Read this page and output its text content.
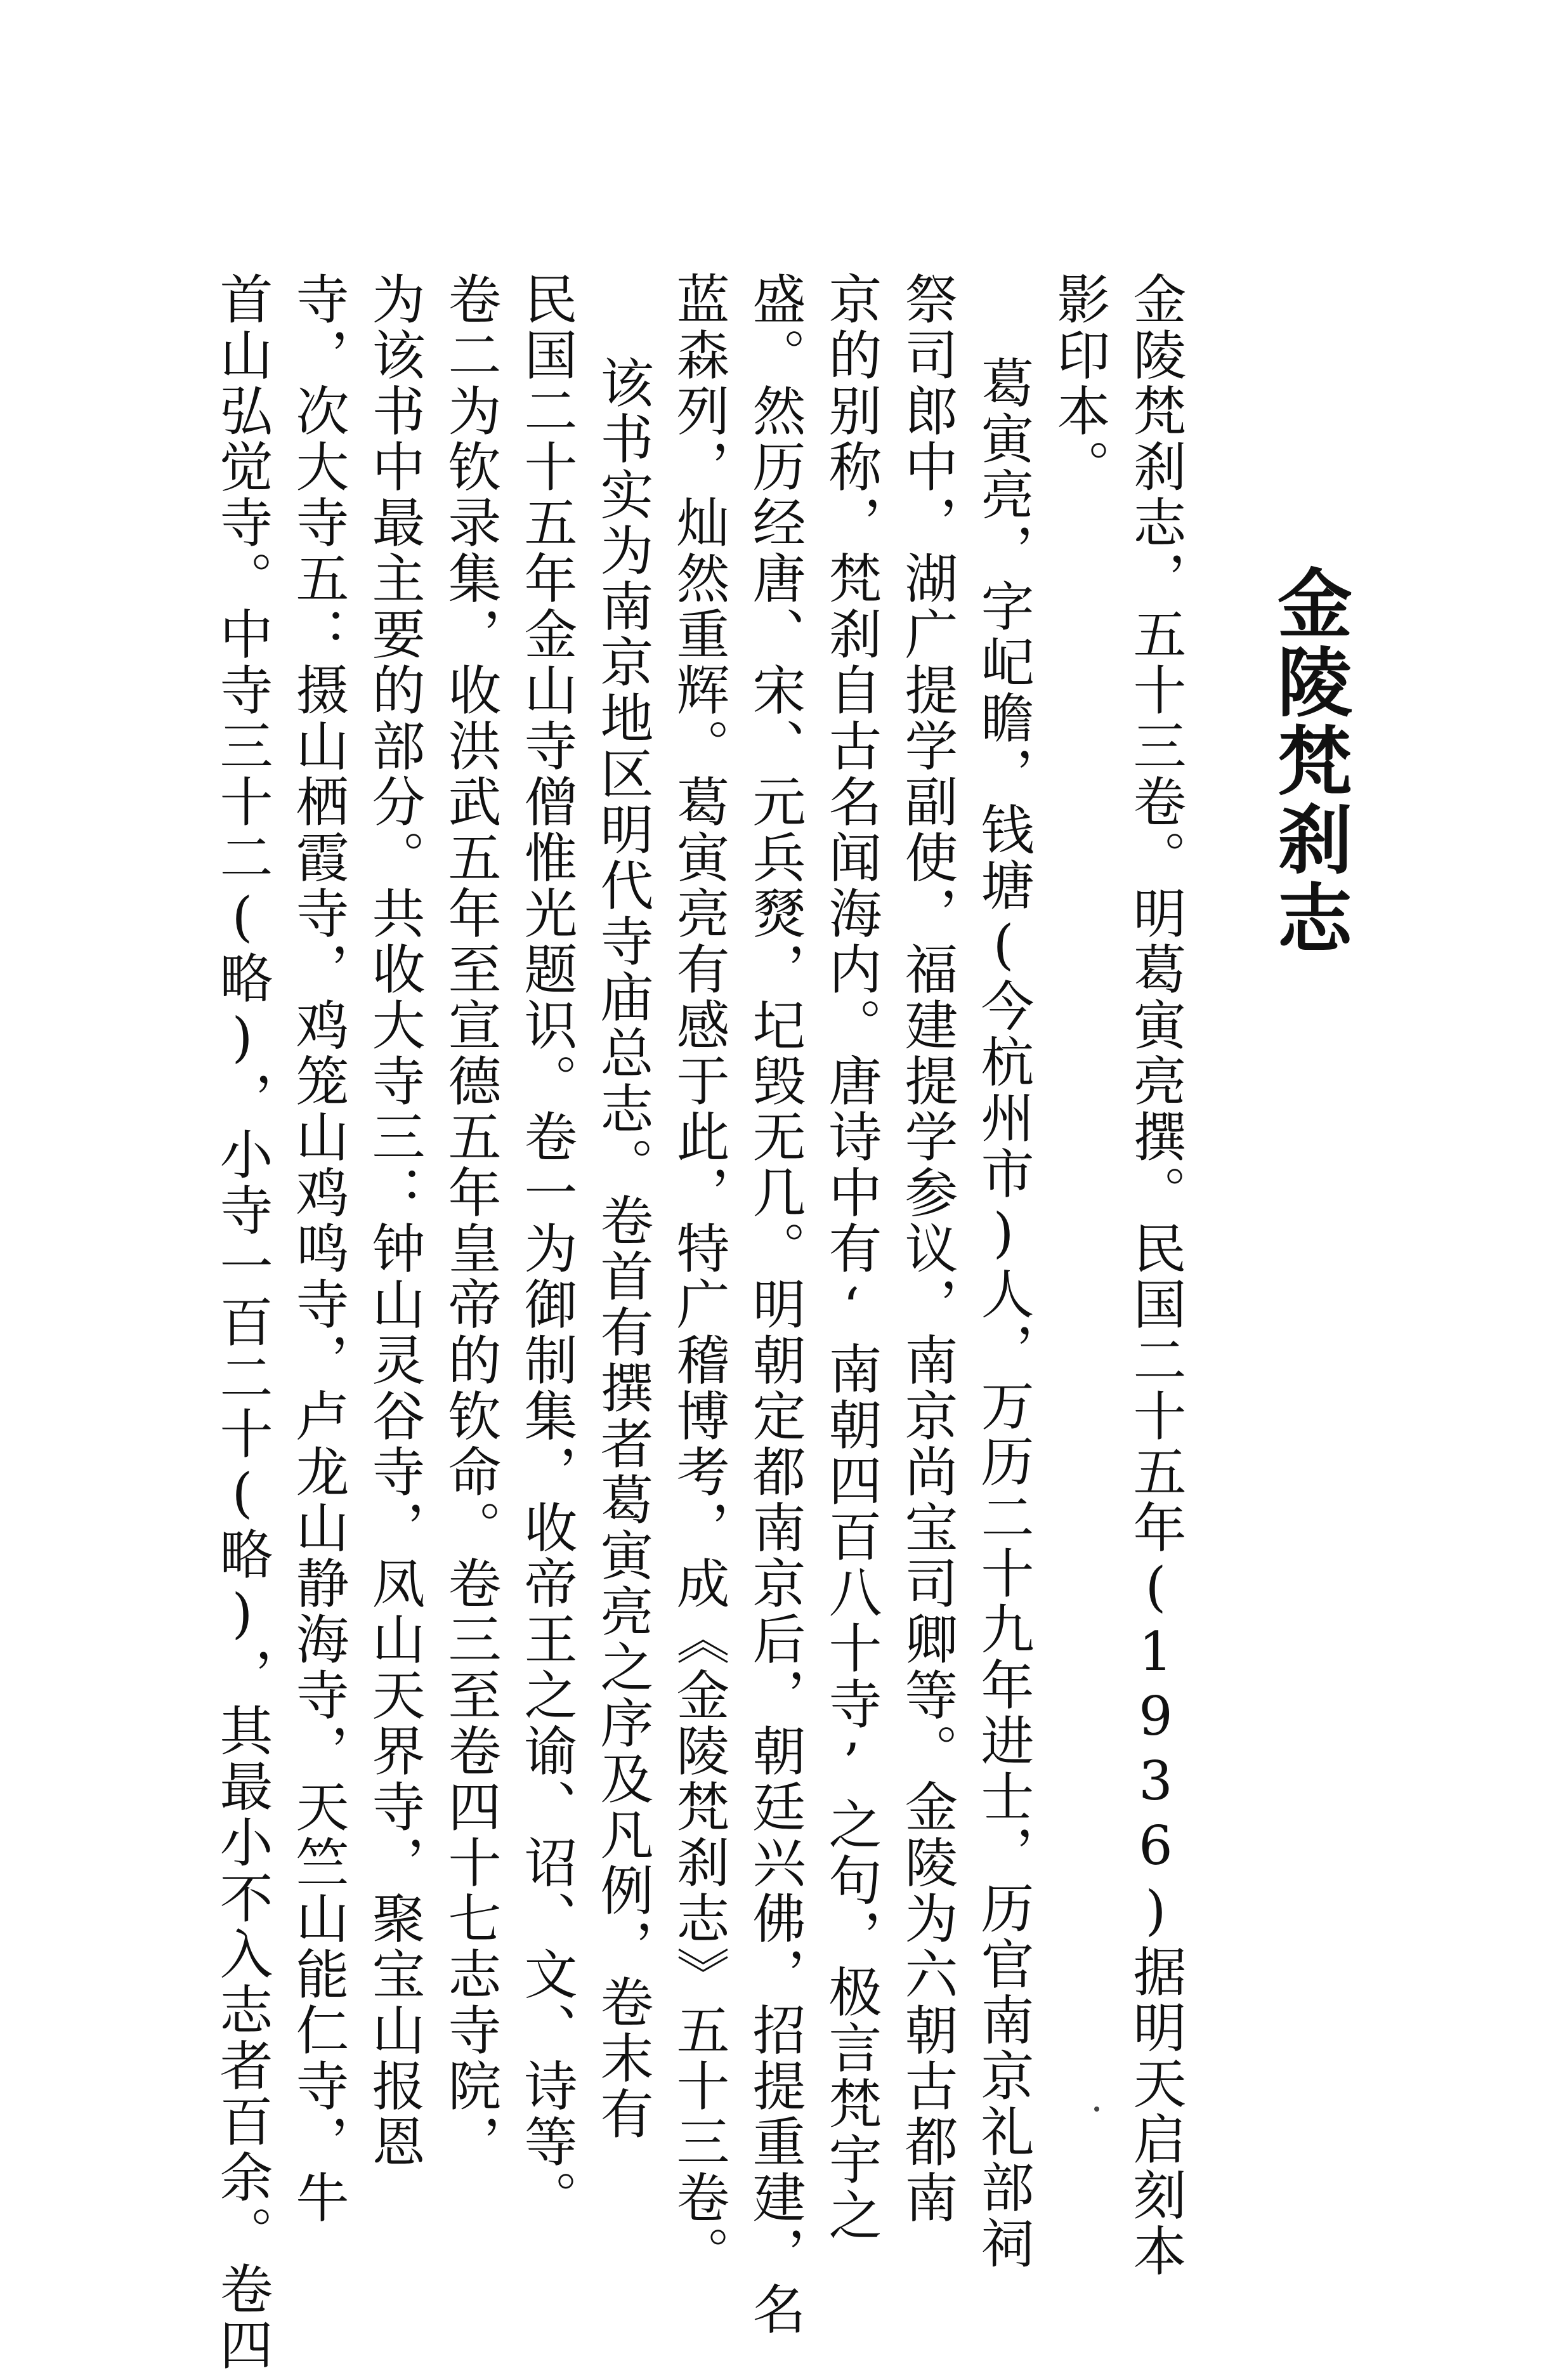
金陵梵刹志
金陵梵刹志，五十三卷。明葛寅亮撰。民国二十五年(1936)据明天启刻本
影印本。
葛寅亮，字屺瞻，钱塘(今杭州市)人，万历二十九年进士，历官南京礼部祠
祭司郎中，湖广提学副使，福建提学参议，南京尚宝司卿等。金陵为六朝古都南
京的别称，梵刹自古名闻海内。唐诗中有‘南朝四百八十寺’之句，极言梵宇之
盛。然历经唐、宋、元兵燹，圮毁无几。明朝定都南京后，朝廷兴佛，招提重建，名
蓝森列，灿然重辉。葛寅亮有感于此，特广稽博考，成《金陵梵刹志》五十三卷。
该书实为南京地区明代寺庙总志。卷首有撰者葛寅亮之序及凡例，卷末有
民国二十五年金山寺僧惟光题识。卷一为御制集，收帝王之谕、诏、文、诗等。
卷二为钦录集，收洪武五年至宣德五年皇帝的钦命。卷三至卷四十七志寺院，
为该书中最主要的部分。共收大寺三：钟山灵谷寺，凤山天界寺，聚宝山报恩
寺，次大寺五：摄山栖霞寺，鸡笼山鸡鸣寺，卢龙山静海寺，天竺山能仁寺，牛
首山弘觉寺。中寺三十二(略)，小寺一百二十(略)，其最小不入志者百余。卷四
